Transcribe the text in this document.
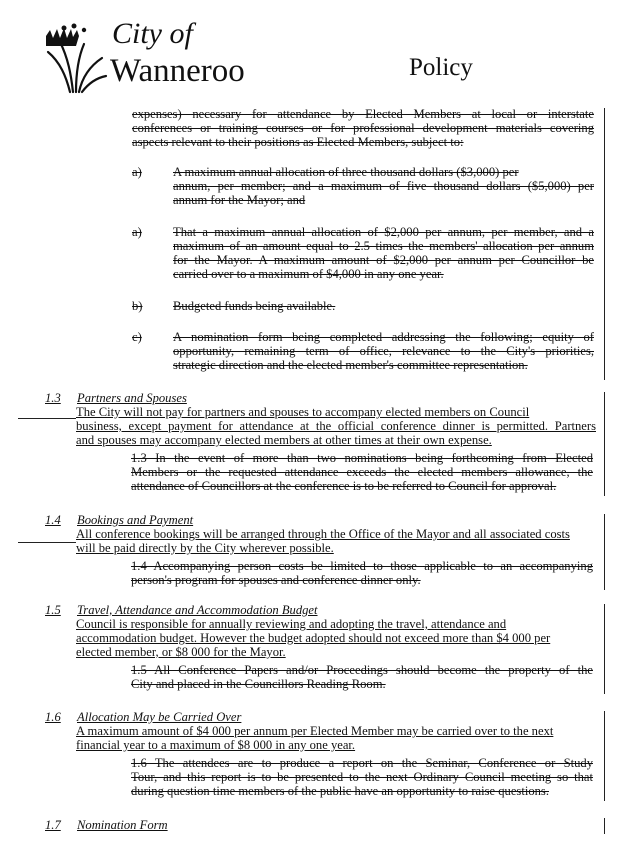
City of
Wanneroo	Policy
expenses) necessary for attendance by Elected Members at local or interstate
conferences or training courses or for professional development materials covering
aspects relevant to their positions as Elected Members, subject to:
a) A maximum annual allocation of three thousand dollars ($3,000) per
annum, per member; and a maximum of five thousand dollars ($5,000) per
annum for the Mayor; and
a) That a maximum annual allocation of $2,000 per annum, per member, and a
maximum of an amount equal to 2.5 times the members' allocation per annum
for the Mayor. A maximum amount of $2,000 per annum per Councillor be
carried over to a maximum of $4,000 in any one year.
b) Budgeted funds being available.
c) A nomination form being completed addressing the following; equity of
opportunity, remaining term of office, relevance to the City's priorities,
strategic direction and the elected member's committee representation.
1.3 Partners and Spouses
The City will not pay for partners and spouses to accompany elected members on Council
business, except payment for attendance at the official conference dinner is permitted. Partners
and spouses may accompany elected members at other times at their own expense.
1.3 In the event of more than two nominations being forthcoming from Elected
Members or the requested attendance exceeds the elected members allowance, the
attendance of Councillors at the conference is to be referred to Council for approval.
1.4 Bookings and Payment
All conference bookings will be arranged through the Office of the Mayor and all associated costs
will be paid directly by the City wherever possible.
1.4 Accompanying person costs be limited to those applicable to an accompanying
person's program for spouses and conference dinner only.
1.5 Travel, Attendance and Accommodation Budget
Council is responsible for annually reviewing and adopting the travel, attendance and
accommodation budget. However the budget adopted should not exceed more than $4 000 per
elected member, or $8 000 for the Mayor.
1.5 All Conference Papers and/or Proceedings should become the property of the
City and placed in the Councillors Reading Room.
1.6 Allocation May be Carried Over
A maximum amount of $4 000 per annum per Elected Member may be carried over to the next
financial year to a maximum of $8 000 in any one year.
1.6 The attendees are to produce a report on the Seminar, Conference or Study
Tour, and this report is to be presented to the next Ordinary Council meeting so that
during question time members of the public have an opportunity to raise questions.
1.7 Nomination Form
